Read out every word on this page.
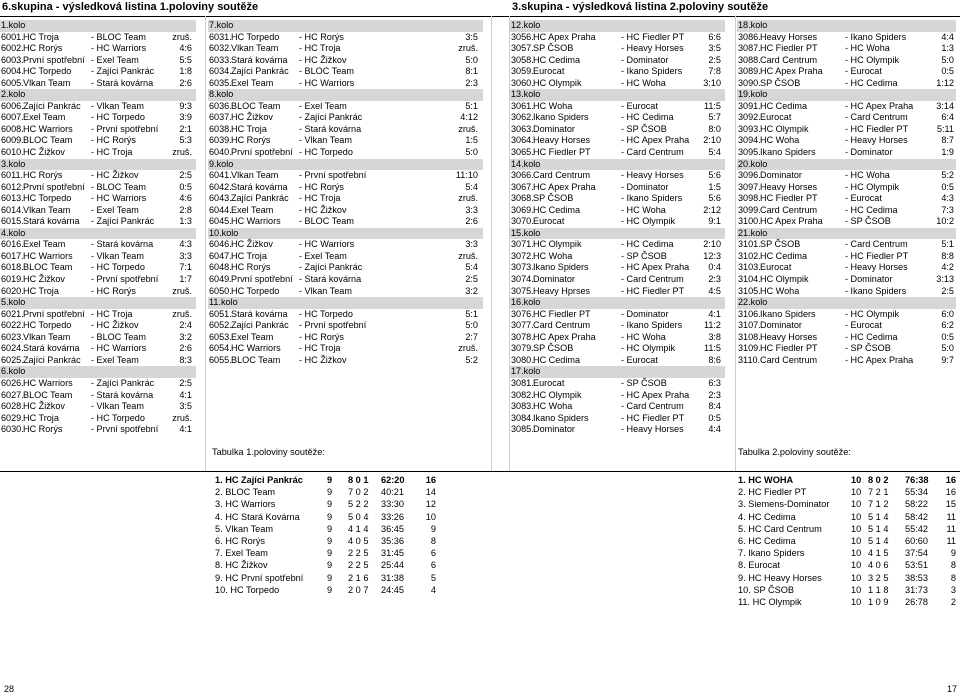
6.skupina - výsledková listina 1.poloviny soutěže	3.skupina - výsledková listina 2.poloviny soutěže
1.kolo
6001. HC Troja	- BLOC Team	zruš.
6002. HC Rorýs	- HC Warriors	4:6
6003. První spotřební - Exel Team	5:5
6004. HC Torpedo - Zajíci Pankrác	1:8
6005. Vlkan Team - Stará kovárna	2:6
2.kolo
6006. Zajíci Pankrác - Vlkan Team	9:3
6007. Exel Team	- HC Torpedo	3:9
6008. HC Warriors - První spotřební 2:1
6009. BLOC Team - HC Rorýs	5:3
6010. HC Žižkov	- HC Troja	zruš.
3.kolo
6011. HC Rorýs	- HC Žižkov	2:5
6012. První spotřební - BLOC Team	0:5
6013. HC Torpedo - HC Warriors	4:6
6014. Vlkan Team - Exel Team	2:8
6015. Stará kovárna - Zajíci Pankrác	1:3
4.kolo
6016. Exel Team	- Stará kovárna	4:3
6017. HC Warriors - Vlkan Team	3:3
6018. BLOC Team - HC Torpedo	7:1
6019. HC Žižkov	- První spotřební 1:7
6020. HC Troja	- HC Rorýs	zruš.
5.kolo
6021. První spotřební - HC Troja	zruš.
6022. HC Torpedo - HC Žižkov	2:4
6023. Vlkan Team - BLOC Team	3:2
6024. Stará kovárna - HC Warriors	2:6
6025. Zajíci Pankrác - Exel Team	8:3
6.kolo
6026. HC Warriors - Zajíci Pankrác	2:5
6027. BLOC Team - Stará kovárna	4:1
6028. HC Žižkov	- Vlkan Team	3:5
6029. HC Troja	- HC Torpedo	zruš.
6030. HC Rorýs	- První spotřební 4:1
7.kolo
6031. HC Torpedo - HC Rorýs	3:5
6032. Vlkan Team - HC Troja	zruš.
6033. Stará kovárna - HC Žižkov	5:0
6034. Zajíci Pankrác - BLOC Team	8:1
6035. Exel Team	- HC Warriors	2:3
8.kolo
6036. BLOC Team - Exel Team	5:1
6037. HC Žižkov	- Zajíci Pankrác	4:12
6038. HC Troja	- Stará kovárna	zruš.
6039. HC Rorýs	- Vlkan Team	1:5
6040. První spotřební - HC Torpedo	5:0
9.kolo
6041. Vlkan Team - První spotřební	11:10
6042. Stará kovárna - HC Rorýs	5:4
6043. Zajíci Pankrác - HC Troja	zruš.
6044. Exel Team	- HC Žižkov	3:3
6045. HC Warriors - BLOC Team	2:6
10.kolo
6046. HC Žižkov	- HC Warriors	3:3
6047. HC Troja	- Exel Team	zruš.
6048. HC Rorýs	- Zajíci Pankrác	5:4
6049. První spotřební - Stará kovárna	2:5
6050. HC Torpedo - Vlkan Team	3:2
11.kolo
6051. Stará kovárna - HC Torpedo	5:1
6052. Zajíci Pankrác - První spotřební	5:0
6053. Exel Team	- HC Rorýs	2:7
6054. HC Warriors - HC Troja	zruš.
6055. BLOC Team - HC Žižkov	5:2
12.kolo
3056. HC Apex Praha	- HC Fiedler PT	6:6
3057. SP ČSOB	- Heavy Horses	3:5
3058. HC Cedima	- Dominator	2:5
3059. Eurocat	- Ikano Spiders	7:8
3060. HC Olympik	- HC Woha	3:10
13.kolo
3061. HC Woha	- Eurocat	11:5
3062. Ikano Spiders	- HC Cedima	5:7
3063. Dominator	- SP ČSOB	8:0
3064. Heavy Horses	- HC Apex Praha 2:10
3065. HC Fiedler PT	- Card Centrum	5:4
14.kolo
3066. Card Centrum	- Heavy Horses	5:6
3067. HC Apex Praha	- Dominator	1:5
3068. SP ČSOB	- Ikano Spiders	5:6
3069. HC Cedima	- HC Woha	2:12
3070. Eurocat	- HC Olympik	9:1
15.kolo
3071. HC Olympik	- HC Cedima	2:10
3072. HC Woha	- SP ČSOB	12:3
3073. Ikano Spiders	- HC Apex Praha 0:4
3074. Dominator	- Card Centrum	2:3
3075. Heavy Hprses	- HC Fiedler PT	4:5
16.kolo
3076. HC Fiedler PT	- Dominator	4:1
3077. Card Centrum	- Ikano Spiders 11:2
3078. HC Apex Praha	- HC Woha	3:8
3079. SP ČSOB	- HC Olympik	11:5
3080. HC Cedima	- Eurocat	8:6
17.kolo
3081. Eurocat	- SP ČSOB	6:3
3082. HC Olympik	- HC Apex Praha 2:3
3083. HC Woha	- Card Centrum	8:4
3084. Ikano Spiders	- HC Fiedler PT	0:5
3085. Dominator	- Heavy Horses	4:4
18.kolo
3086. Heavy Horses	- Ikano Spiders	4:4
3087. HC Fiedler PT	- HC Woha	1:3
3088. Card Centrum	- HC Olympik	5:0
3089. HC Apex Praha - Eurocat	0:5
3090. SP ČSOB	- HC Cedima	1:12
19.kolo
3091. HC Cedima	- HC Apex Praha	3:14
3092. Eurocat	- Card Centrum	6:4
3093. HC Olympik	- HC Fiedler PT	5:11
3094. HC Woha	- Heavy Horses	8:7
3095. Ikano Spiders	- Dominator	1:9
20.kolo
3096. Dominator	- HC Woha	5:2
3097. Heavy Horses	- HC Olympik	0:5
3098. HC Fiedler PT	- Eurocat	4:3
3099. Card Centrum	- HC Cedima	7:3
3100. HC Apex Praha - SP ČSOB	10:2
21.kolo
3101. SP ČSOB	- Card Centrum	5:1
3102. HC Cedima	- HC Fiedler PT	8:8
3103. Eurocat	- Heavy Horses	4:2
3104. HC Olympik	- Dominator	3:13
3105. HC Woha	- Ikano Spiders	2:5
22.kolo
3106. Ikano Spiders	- HC Olympik	6:0
3107. Dominator	- Eurocat	6:2
3108. Heavy Horses	- HC Cedima	0:5
3109. HC Fiedler PT	- SP ČSOB	5:0
3110. Card Centrum	- HC Apex Praha	9:7
Tabulka 1.poloviny soutěže:	Tabulka 2.poloviny soutěže:
1. HC Zajíci Pankrác	9 8 0 1 62:20 16
2. BLOC Team	9 7 0 2 40:21 14
3. HC Warriors	9 5 2 2 33:30 12
4. HC Stará Kovárna	9 5 0 4 33:26 10
5. Vlkan Team	9 4 1 4 36:45	9
6. HC Rorýs	9 4 0 5 35:36	8
7. Exel Team	9 2 2 5 31:45	6
8. HC Žižkov	9 2 2 5 25:44	6
9. HC První spotřební	9 2 1 6 31:38	5
10. HC Torpedo	9 2 0 7 24:45	4
1. HC WOHA	10 8 0 2 76:38 16
2. HC Fiedler PT	10 7 2 1 55:34 16
3. Siemens-Dominator 10 7 1 2 58:22 15
4. HC Cedima	10 5 1 4 58:42 11
5. HC Card Centrum	10 5 1 4 55:42 11
6. HC Cedima	10 5 1 4 60:60 11
7. Ikano Spiders	10 4 1 5 37:54 9
8. Eurocat	10 4 0 6 53:51 8
9. HC Heavy Horses	10 3 2 5 38:53 8
10. SP ČSOB	10 1 1 8 31:73 3
11. HC Olympik	10 1 0 9 26:78 2
28	17
